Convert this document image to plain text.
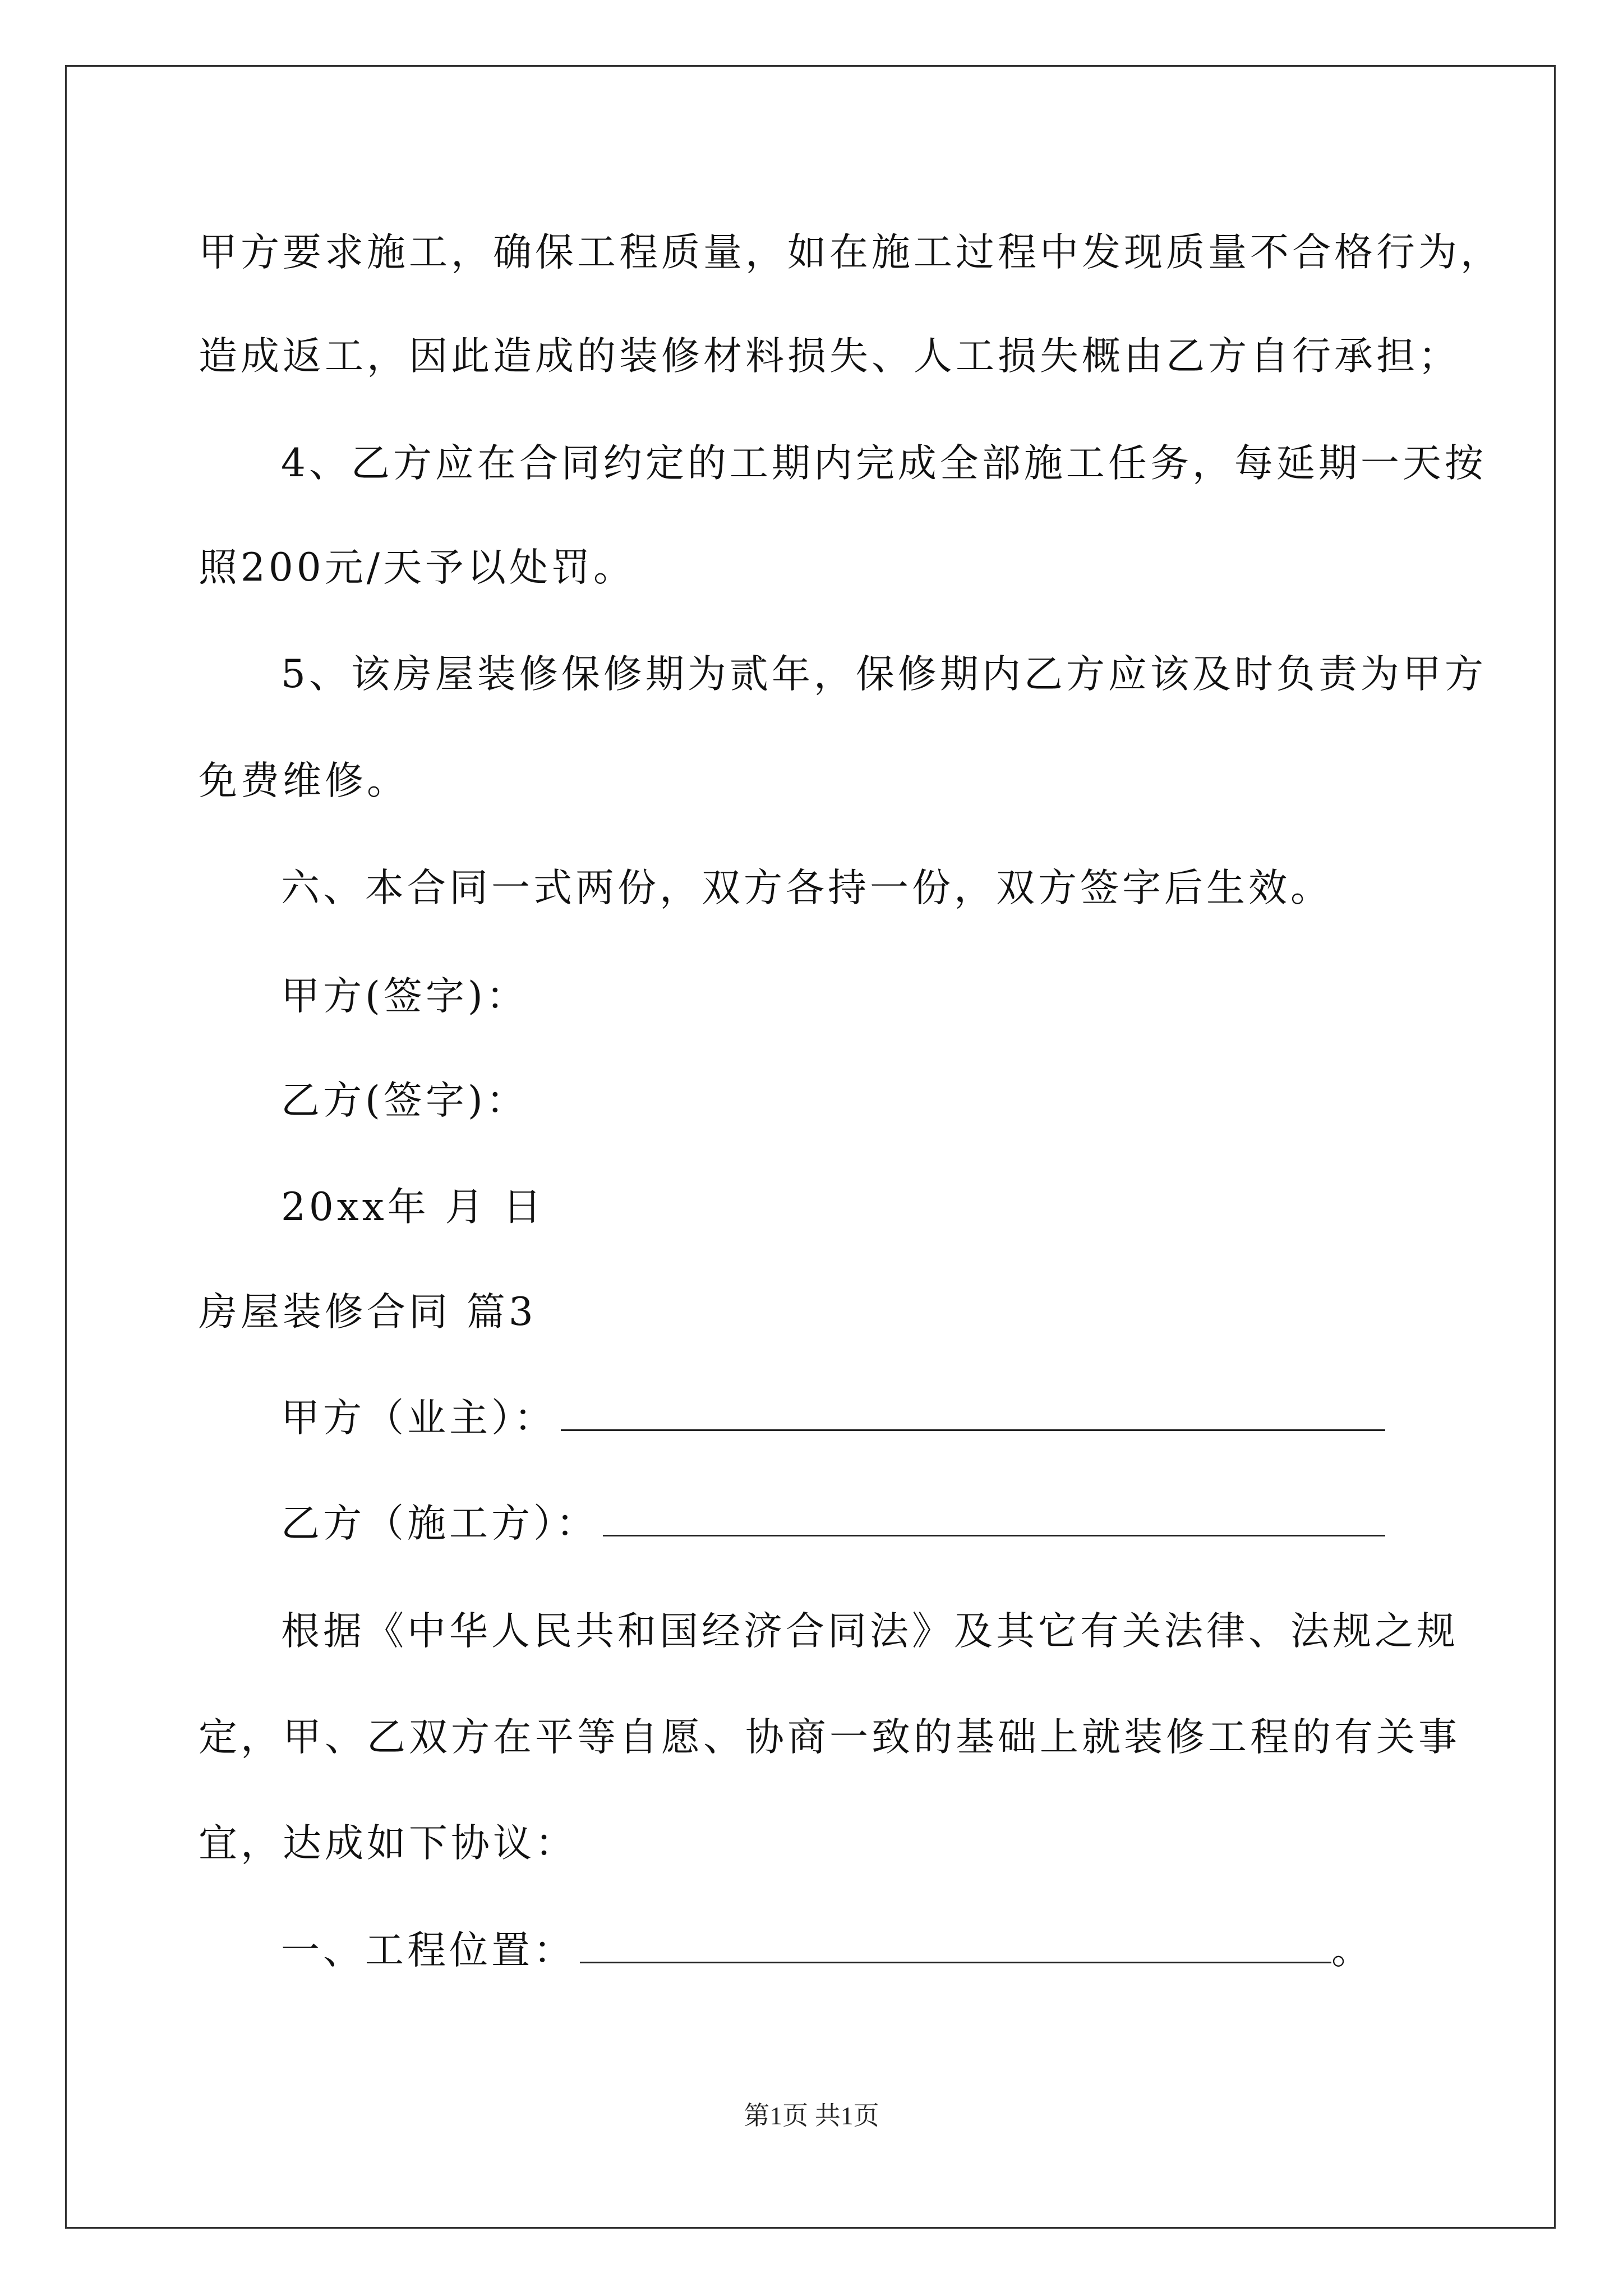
甲方要求施工，确保工程质量，如在施工过程中发现质量不合格行为，
造成返工，因此造成的装修材料损失、人工损失概由乙方自行承担；
4、乙方应在合同约定的工期内完成全部施工任务，每延期一天按
照200元/天予以处罚。
5、该房屋装修保修期为贰年，保修期内乙方应该及时负责为甲方
免费维修。
六、本合同一式两份，双方各持一份，双方签字后生效。
甲方(签字)：
乙方(签字)：
20xx年 月 日
房屋装修合同 篇3
甲方（业主）：
乙方（施工方）：
根据《中华人民共和国经济合同法》及其它有关法律、法规之规
定，甲、乙双方在平等自愿、协商一致的基础上就装修工程的有关事
宜，达成如下协议：
一、工程位置：	。
第1页 共1页
